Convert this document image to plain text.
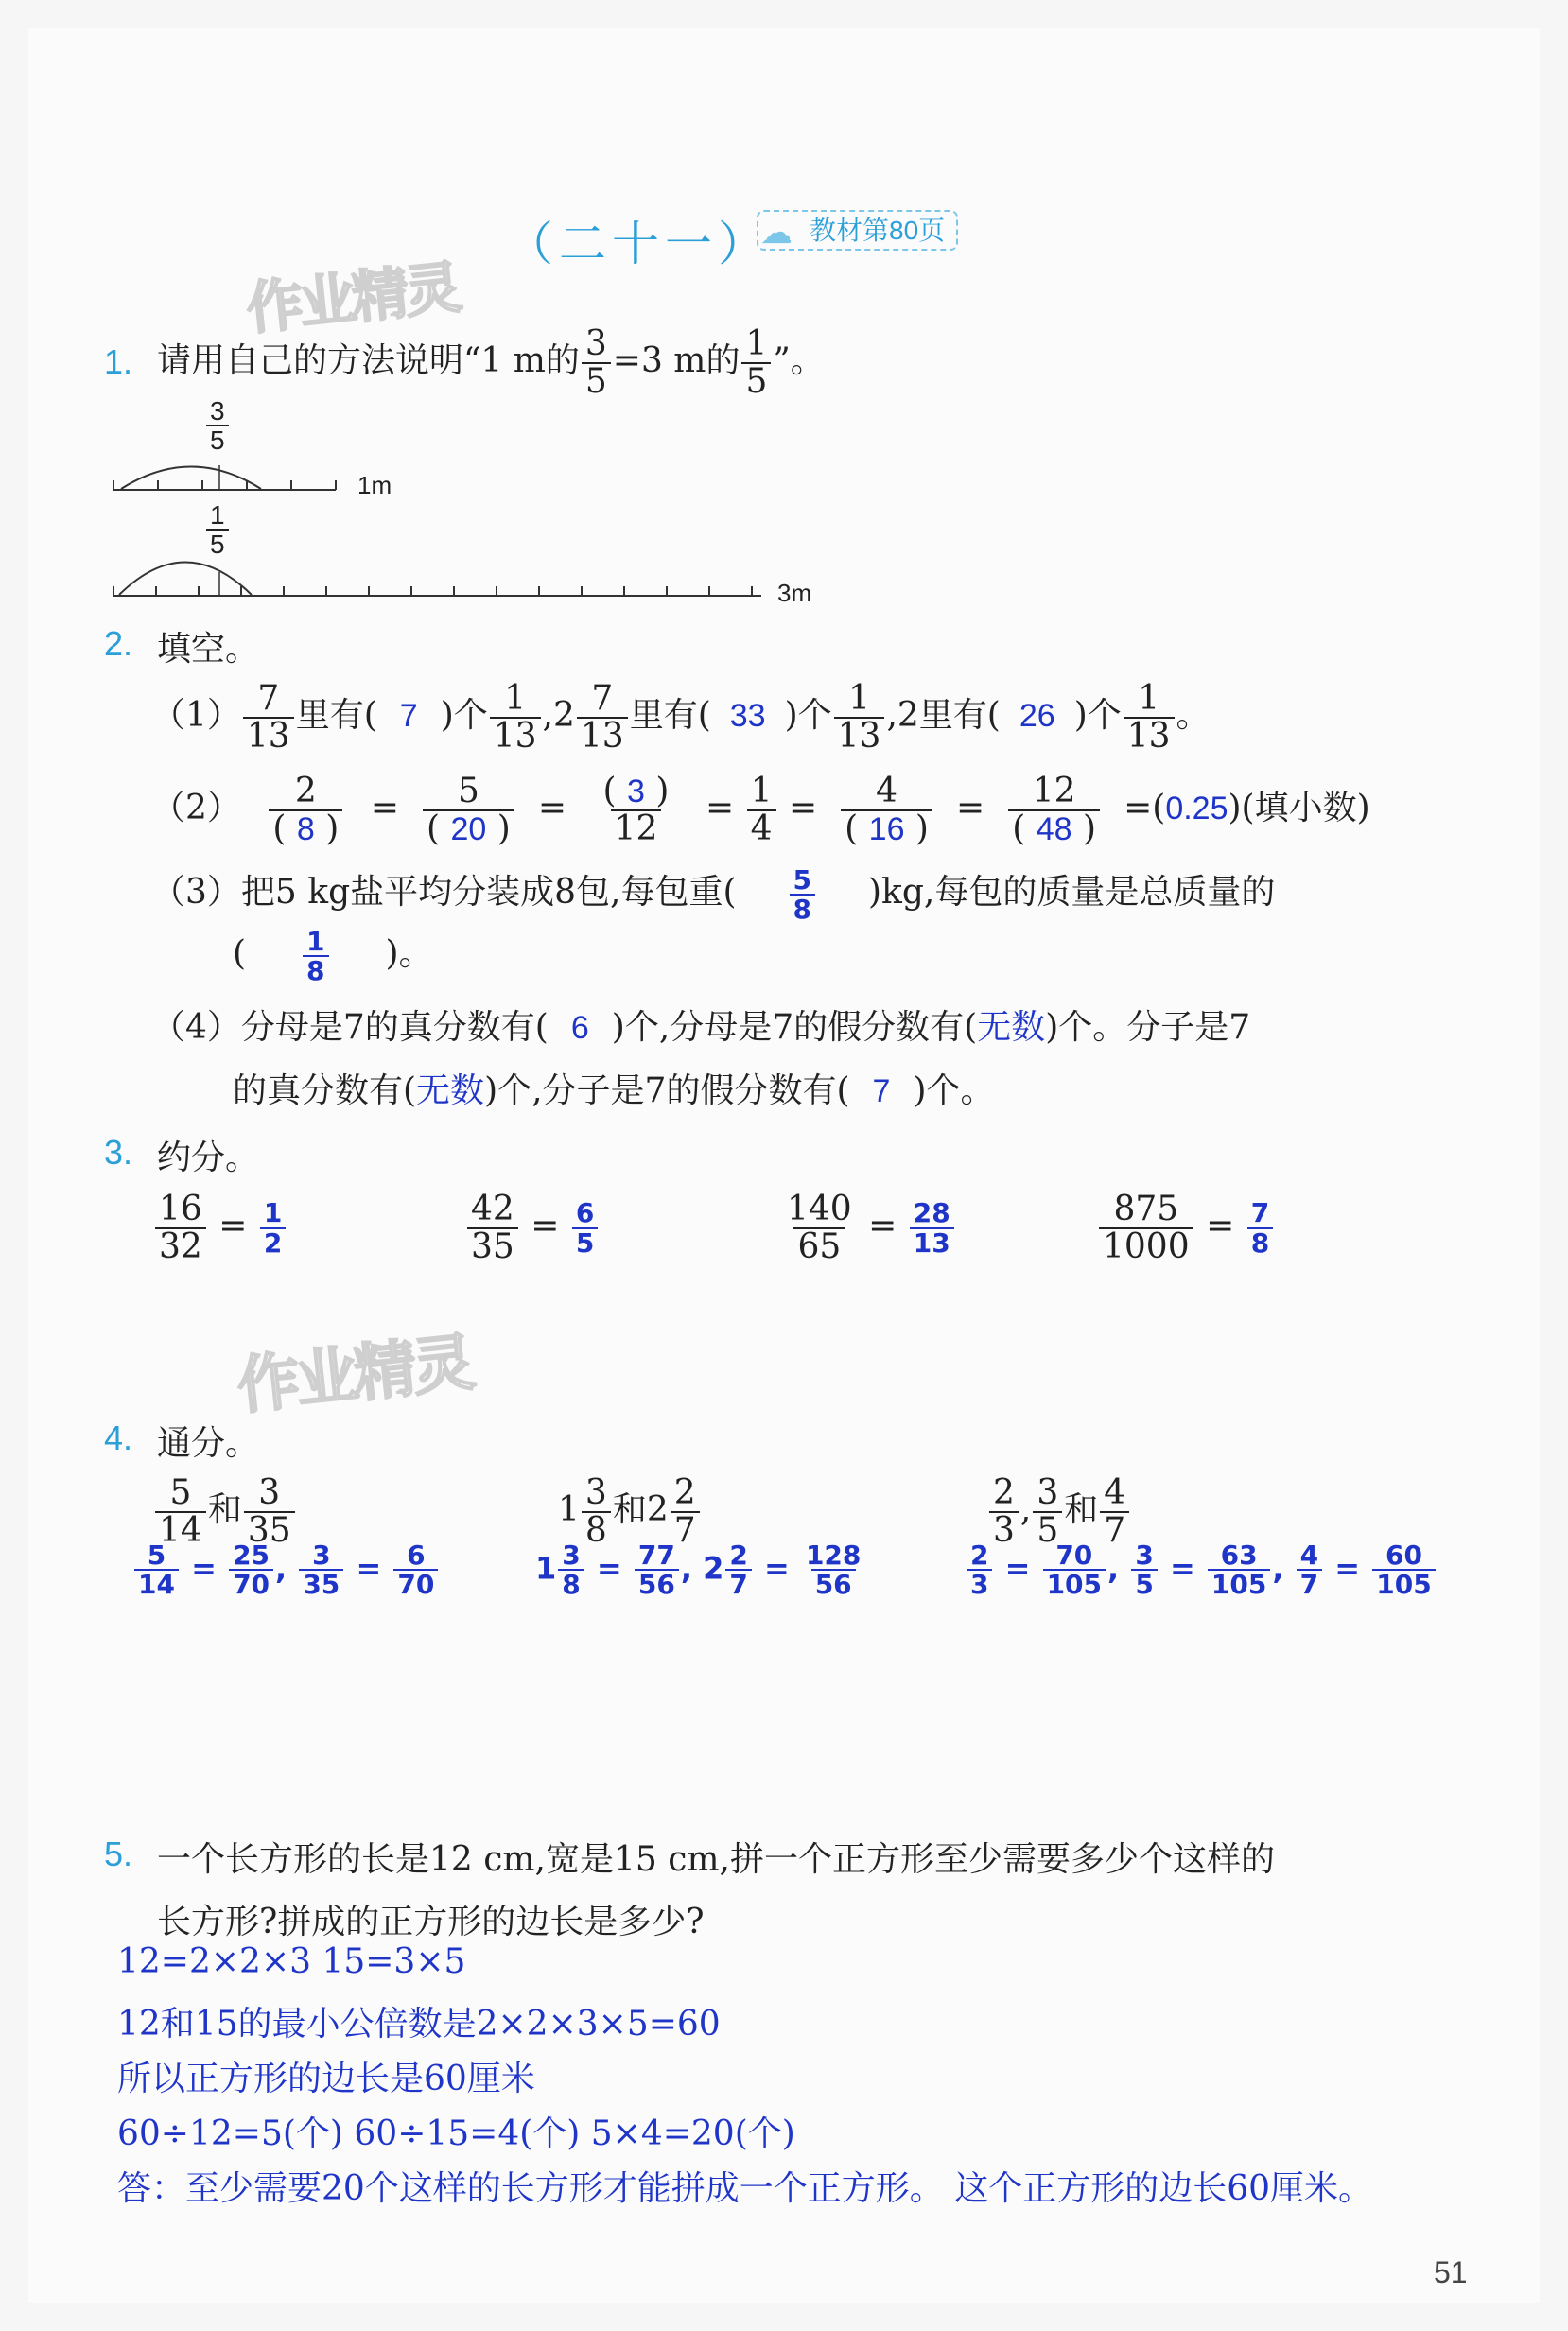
（二十一）
☁ 教材第80页
作业精灵
1. 请用自己的方法说明“1 m的 $\frac{3}{5} =3$ m的 $\frac{1}{5}$ ”。
$\frac{3}{5}$
1m
$\frac{1}{5}$
3m
2. 填空。
$(1) \frac{7}{13}$ 里有( 7 )个 $\frac{1}{13} ,2 \frac{7}{13}$ 里有( 33 )个 $\frac{1}{13} ,2$里有( 26 )个 $\frac{1}{13}$ 。
$(2) \frac{2}{( 8 )} = \frac{5}{( 20 )} = \frac{( 3 )}{12} = \frac{1}{4} = \frac{4}{( 16 )} = \frac{12}{( 48 )} =(0.25)$(填小数)
（3）把5 kg盐平均分装成8包,每包重( $\frac{5}{8} )kg$,每包的质量是总质量的
( $\frac{1}{8}$ )。
（4）分母是7的真分数有( 6 )个,分母是7的假分数有(无数)个。分子是7
的真分数有(无数)个,分子是7的假分数有( 7 )个。
3. 约分。
$\frac{16}{32} = \frac{1}{2}$	$\frac{42}{35} = \frac{6}{5}$	$\frac{140}{65} = \frac{28}{13}$	$\frac{875}{1000} = \frac{7}{8}$
作业精灵
4. 通分。
$\frac{5}{14}$ 和 $\frac{3}{35}$
$\frac{5}{14} = \frac{25}{70}$ , $\frac{3}{35} = \frac{6}{70}$
$1 \frac{3}{8}$ 和$2 \frac{2}{7}$
$1 \frac{3}{8} = \frac{77}{56}$ , $2 \frac{2}{7} = \frac{128}{56}$
$\frac{2}{3}$ , $\frac{3}{5}$ 和 $\frac{4}{7}$
$\frac{2}{3} = \frac{70}{105}$ , $\frac{3}{5} = \frac{63}{105}$ , $\frac{4}{7} = \frac{60}{105}$
5. 一个长方形的长是12 cm,宽是15 cm,拼一个正方形至少需要多少个这样的
长方形?拼成的正方形的边长是多少?
12=2×2×3 15=3×5
12和15的最小公倍数是2×2×3×5=60
所以正方形的边长是60厘米
60÷12=5(个) 60÷15=4(个) 5×4=20(个)
答：至少需要20个这样的长方形才能拼成一个正方形。 这个正方形的边长60厘米。
51
